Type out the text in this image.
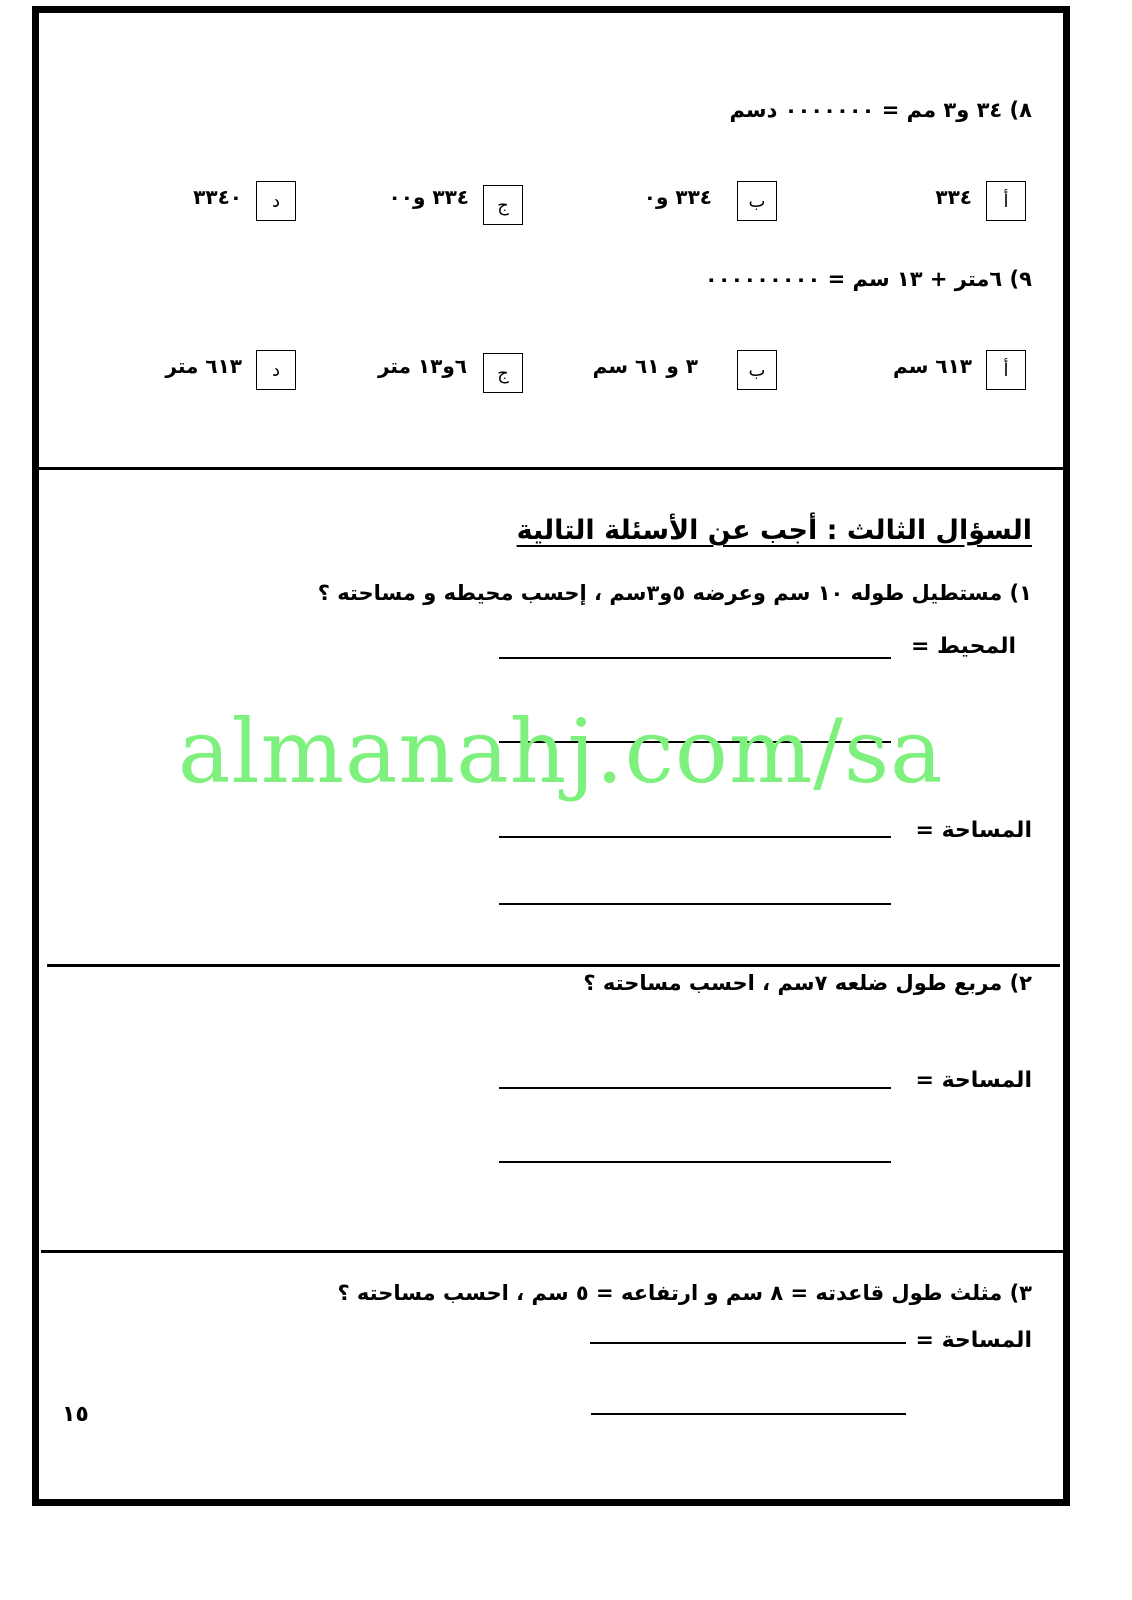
٨) ٣٤ و٣ مم = ٠٠٠٠٠٠٠ دسم
أ
٣٣٤
ب
٣٣٤ و٠
ج
٣٣٤ و٠٠
د
٣٣٤٠
٩) ٦متر + ١٣ سم = ٠٠٠٠٠٠٠٠٠
أ
٦١٣ سم
ب
٣ و ٦١ سم
ج
٦و١٣ متر
د
٦١٣ متر
السؤال الثالث : أجب عن الأسئلة التالية
١) مستطيل طوله ١٠ سم وعرضه ٥و٣سم ، إحسب محيطه و مساحته ؟
المحيط =
المساحة =
٢) مربع طول ضلعه ٧سم ، احسب مساحته ؟
المساحة =
٣) مثلث طول قاعدته = ٨ سم و ارتفاعه = ٥ سم ، احسب مساحته ؟
المساحة =
almanahj.com/sa
١٥
